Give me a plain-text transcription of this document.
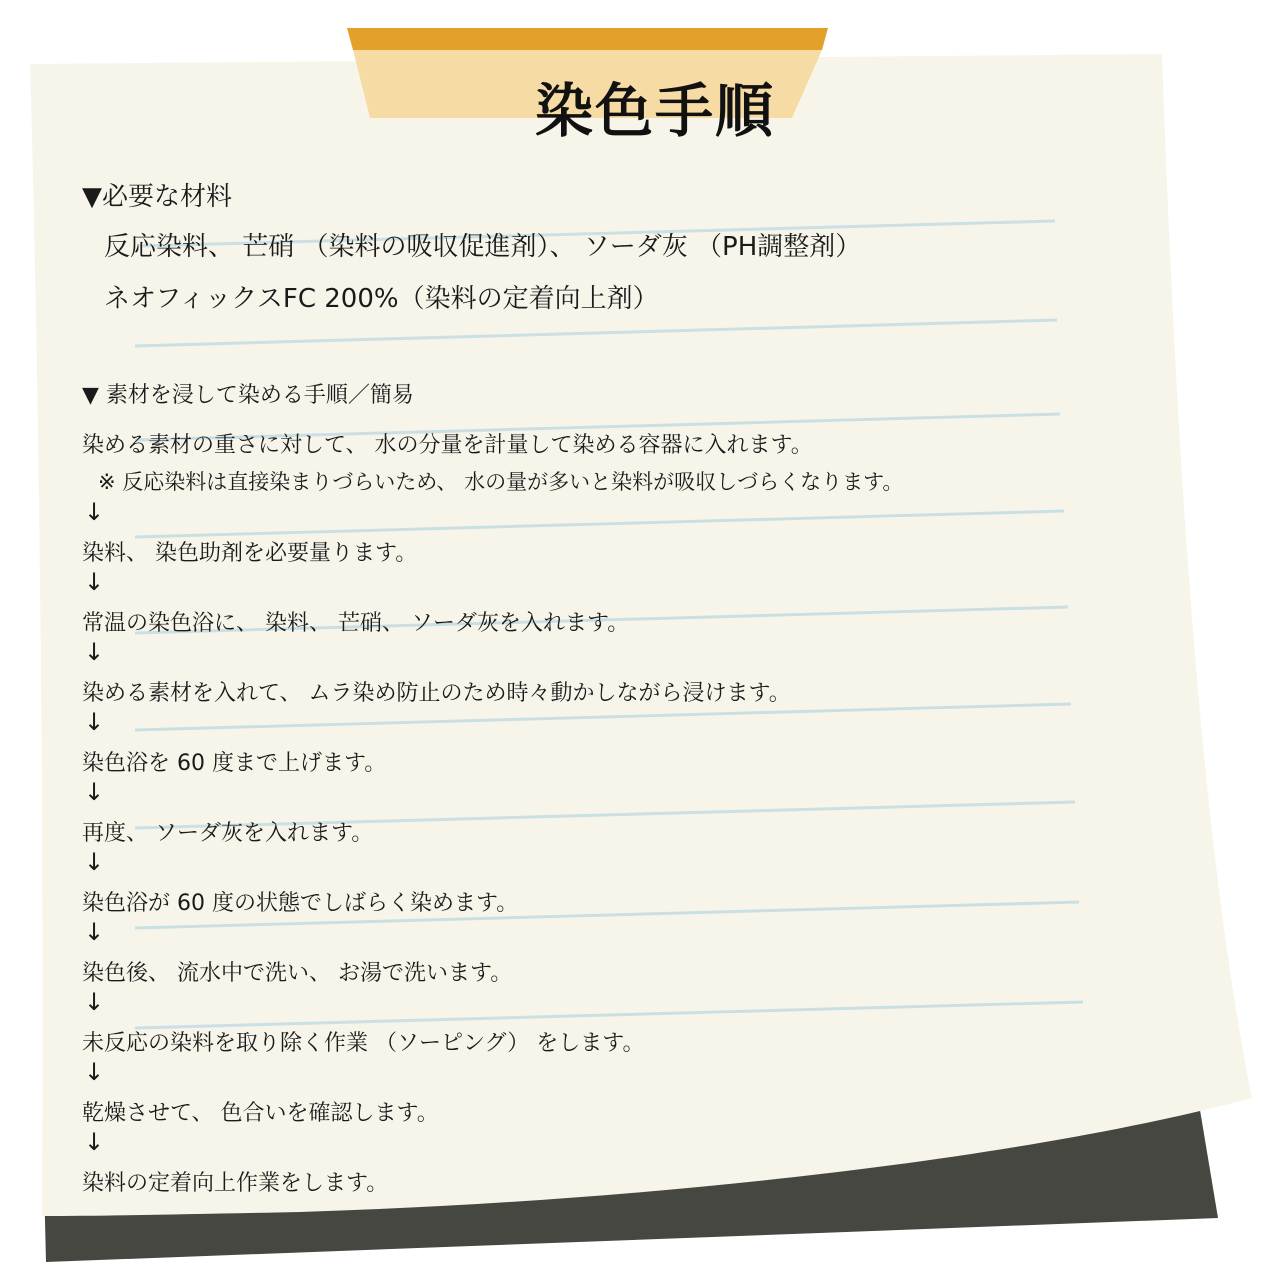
染色手順
▼必要な材料
反応染料、 芒硝 （染料の吸収促進剤）、 ソーダ灰 （PH調整剤）
ネオフィックスFC 200%（染料の定着向上剤）
▼ 素材を浸して染める手順／簡易
染める素材の重さに対して、 水の分量を計量して染める容器に入れます。
※ 反応染料は直接染まりづらいため、 水の量が多いと染料が吸収しづらくなります。
↓
染料、 染色助剤を必要量ります。
↓
常温の染色浴に、 染料、 芒硝、 ソーダ灰を入れます。
↓
染める素材を入れて、 ムラ染め防止のため時々動かしながら浸けます。
↓
染色浴を 60 度まで上げます。
↓
再度、 ソーダ灰を入れます。
↓
染色浴が 60 度の状態でしばらく染めます。
↓
染色後、 流水中で洗い、 お湯で洗います。
↓
未反応の染料を取り除く作業 （ソーピング） をします。
↓
乾燥させて、 色合いを確認します。
↓
染料の定着向上作業をします。
